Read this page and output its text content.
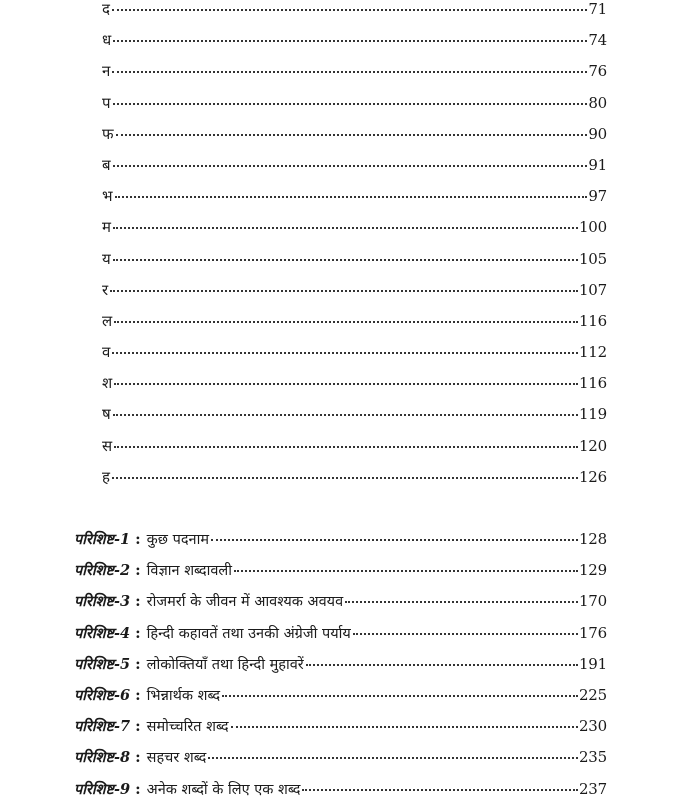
द	71
ध	74
न	76
प	80
फ	90
ब	91
भ	97
म	100
य	105
र	107
ल	116
व	112
श	116
ष	119
स	120
ह	126
परिशिष्ट-1 : कुछ पदनाम	128
परिशिष्ट-2 : विज्ञान शब्दावली	129
परिशिष्ट-3 : रोजमर्रा के जीवन में आवश्यक अवयव	170
परिशिष्ट-4 : हिन्दी कहावतें तथा उनकी अंग्रेजी पर्याय	176
परिशिष्ट-5 : लोकोक्तियाँ तथा हिन्दी मुहावरें	191
परिशिष्ट-6 : भिन्नार्थक शब्द	225
परिशिष्ट-7 : समोच्चरित शब्द	230
परिशिष्ट-8 : सहचर शब्द	235
परिशिष्ट-9 : अनेक शब्दों के लिए एक शब्द	237
